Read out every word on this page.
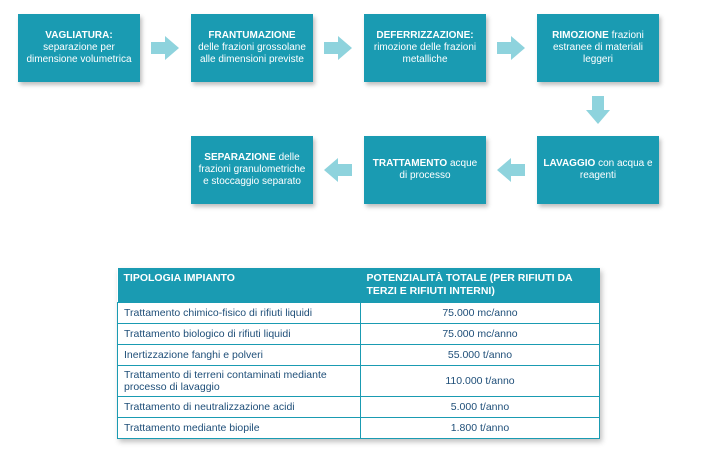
VAGLIATURA:
separazione per dimensione volumetrica
FRANTUMAZIONE delle frazioni grossolane alle dimensioni previste
DEFERRIZZAZIONE:
rimozione delle frazioni metalliche
RIMOZIONE frazioni estranee di materiali leggeri
LAVAGGIO con acqua e reagenti
TRATTAMENTO acque di processo
SEPARAZIONE delle frazioni granulometriche e stoccaggio separato
TIPOLOGIA IMPIANTO	POTENZIALITÀ TOTALE (PER RIFIUTI DA TERZI E RIFIUTI INTERNI)
Trattamento chimico-fisico di rifiuti liquidi	75.000 mc/anno
Trattamento biologico di rifiuti liquidi	75.000 mc/anno
Inertizzazione fanghi e polveri	55.000 t/anno
Trattamento di terreni contaminati mediante processo di lavaggio	110.000 t/anno
Trattamento di neutralizzazione acidi	5.000 t/anno
Trattamento mediante biopile	1.800 t/anno
